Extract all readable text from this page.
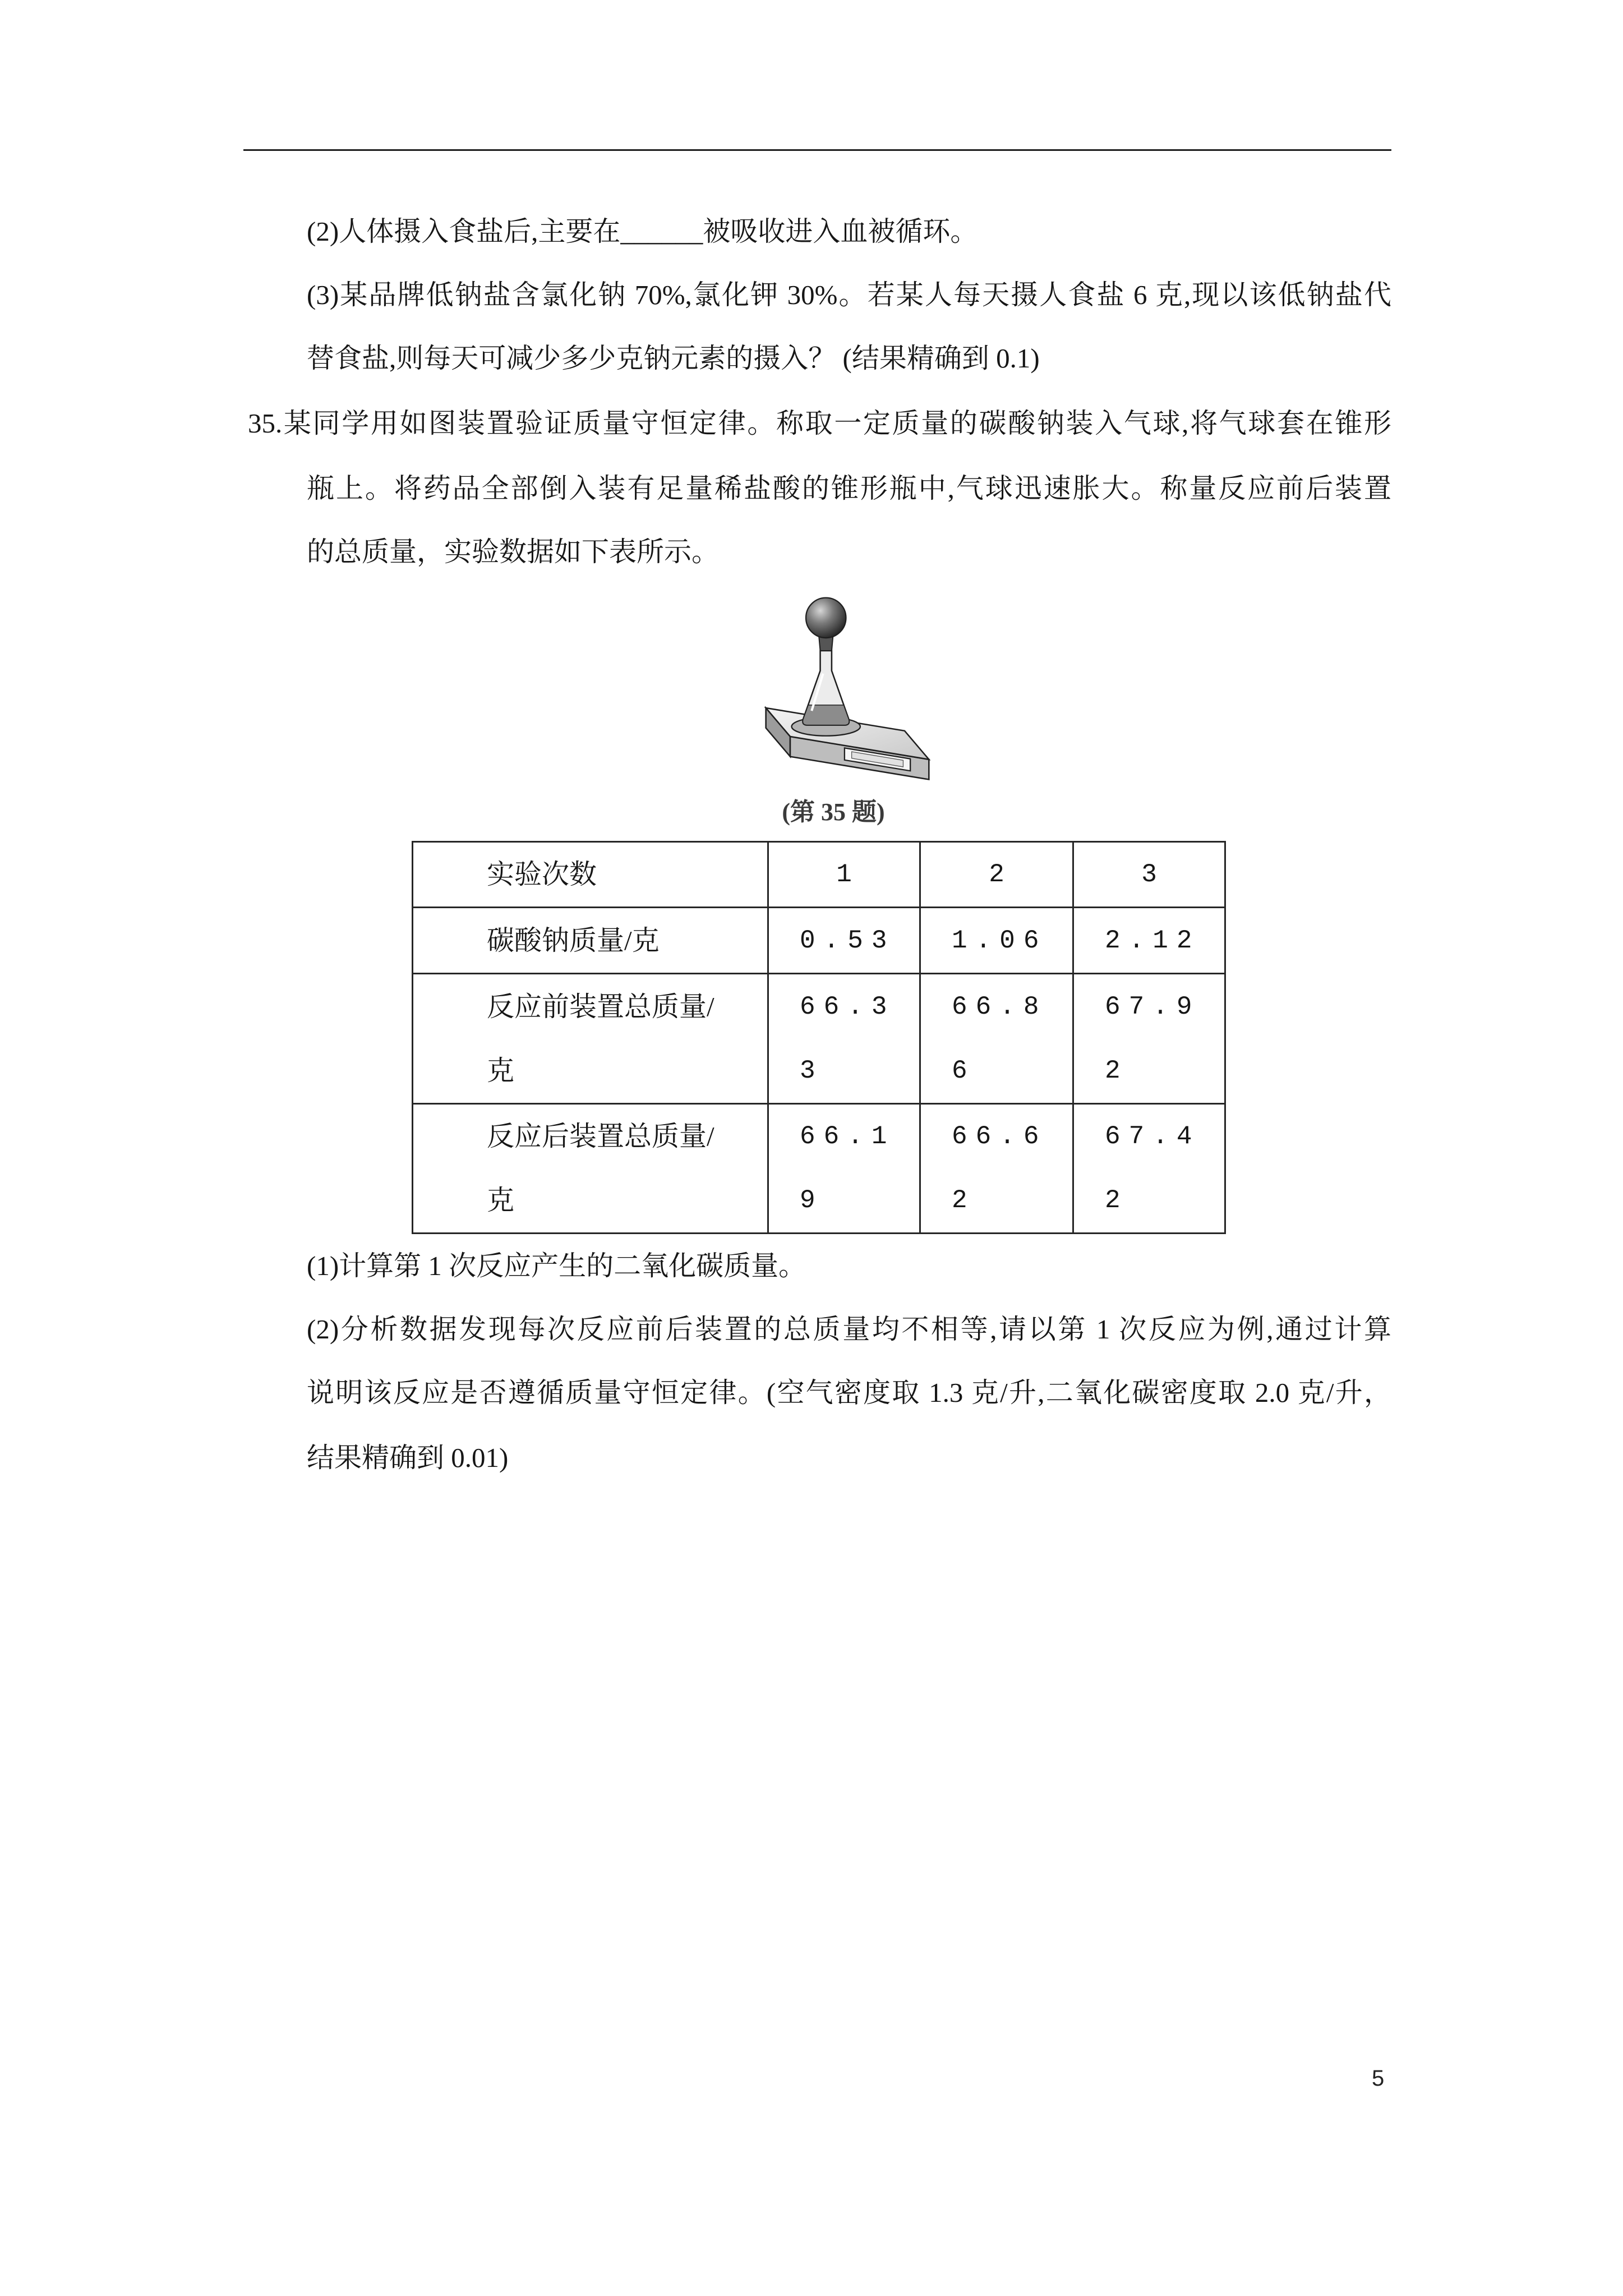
(2)人体摄入食盐后,主要在______被吸收进入血被循环。
(3)某品牌低钠盐含氯化钠 70%,氯化钾 30%。若某人每天摄人食盐 6 克,现以该低钠盐代
替食盐,则每天可减少多少克钠元素的摄入？ (结果精确到 0.1)
35.某同学用如图装置验证质量守恒定律。称取一定质量的碳酸钠装入气球,将气球套在锥形
瓶上。将药品全部倒入装有足量稀盐酸的锥形瓶中,气球迅速胀大。称量反应前后装置
的总质量，实验数据如下表所示。
(第 35 题)
实验次数	1	2	3
碳酸钠质量/克	0.53	1.06	2.12
反应前装置总质量/克	66.33	66.86	67.92
反应后装置总质量/克	66.19	66.62	67.42
(1)计算第 1 次反应产生的二氧化碳质量。
(2)分析数据发现每次反应前后装置的总质量均不相等,请以第 1 次反应为例,通过计算
说明该反应是否遵循质量守恒定律。(空气密度取 1.3 克/升,二氧化碳密度取 2.0 克/升，
结果精确到 0.01)
5
